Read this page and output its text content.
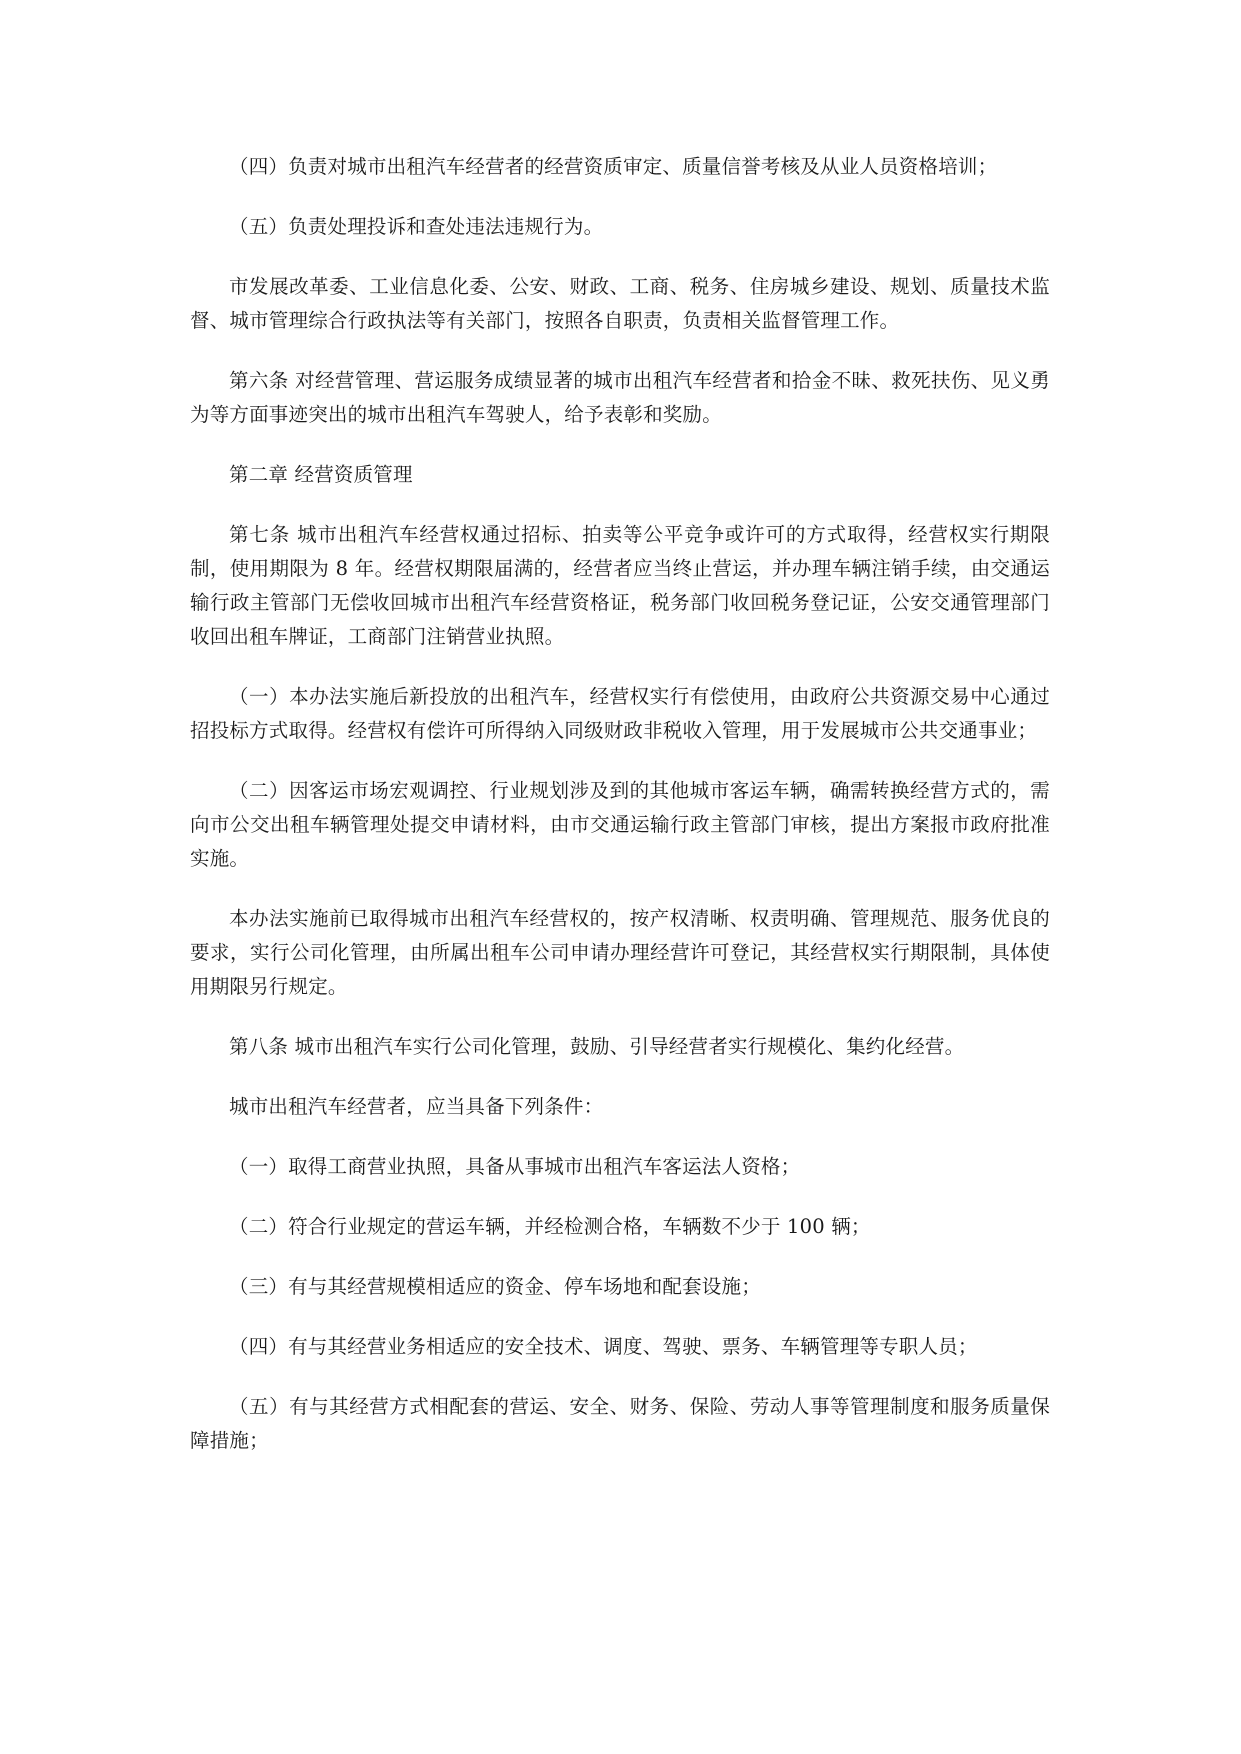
（四）负责对城市出租汽车经营者的经营资质审定、质量信誉考核及从业人员资格培训；

（五）负责处理投诉和查处违法违规行为。

市发展改革委、工业信息化委、公安、财政、工商、税务、住房城乡建设、规划、质量技术监督、城市管理综合行政执法等有关部门，按照各自职责，负责相关监督管理工作。

第六条 对经营管理、营运服务成绩显著的城市出租汽车经营者和拾金不昧、救死扶伤、见义勇为等方面事迹突出的城市出租汽车驾驶人，给予表彰和奖励。

第二章 经营资质管理

第七条 城市出租汽车经营权通过招标、拍卖等公平竞争或许可的方式取得，经营权实行期限制，使用期限为 8 年。经营权期限届满的，经营者应当终止营运，并办理车辆注销手续，由交通运输行政主管部门无偿收回城市出租汽车经营资格证，税务部门收回税务登记证，公安交通管理部门收回出租车牌证，工商部门注销营业执照。

（一）本办法实施后新投放的出租汽车，经营权实行有偿使用，由政府公共资源交易中心通过招投标方式取得。经营权有偿许可所得纳入同级财政非税收入管理，用于发展城市公共交通事业；

（二）因客运市场宏观调控、行业规划涉及到的其他城市客运车辆，确需转换经营方式的，需向市公交出租车辆管理处提交申请材料，由市交通运输行政主管部门审核，提出方案报市政府批准实施。

本办法实施前已取得城市出租汽车经营权的，按产权清晰、权责明确、管理规范、服务优良的要求，实行公司化管理，由所属出租车公司申请办理经营许可登记，其经营权实行期限制，具体使用期限另行规定。

第八条 城市出租汽车实行公司化管理，鼓励、引导经营者实行规模化、集约化经营。

城市出租汽车经营者，应当具备下列条件：

（一）取得工商营业执照，具备从事城市出租汽车客运法人资格；

（二）符合行业规定的营运车辆，并经检测合格，车辆数不少于 100 辆；

（三）有与其经营规模相适应的资金、停车场地和配套设施；

（四）有与其经营业务相适应的安全技术、调度、驾驶、票务、车辆管理等专职人员；

（五）有与其经营方式相配套的营运、安全、财务、保险、劳动人事等管理制度和服务质量保障措施；
